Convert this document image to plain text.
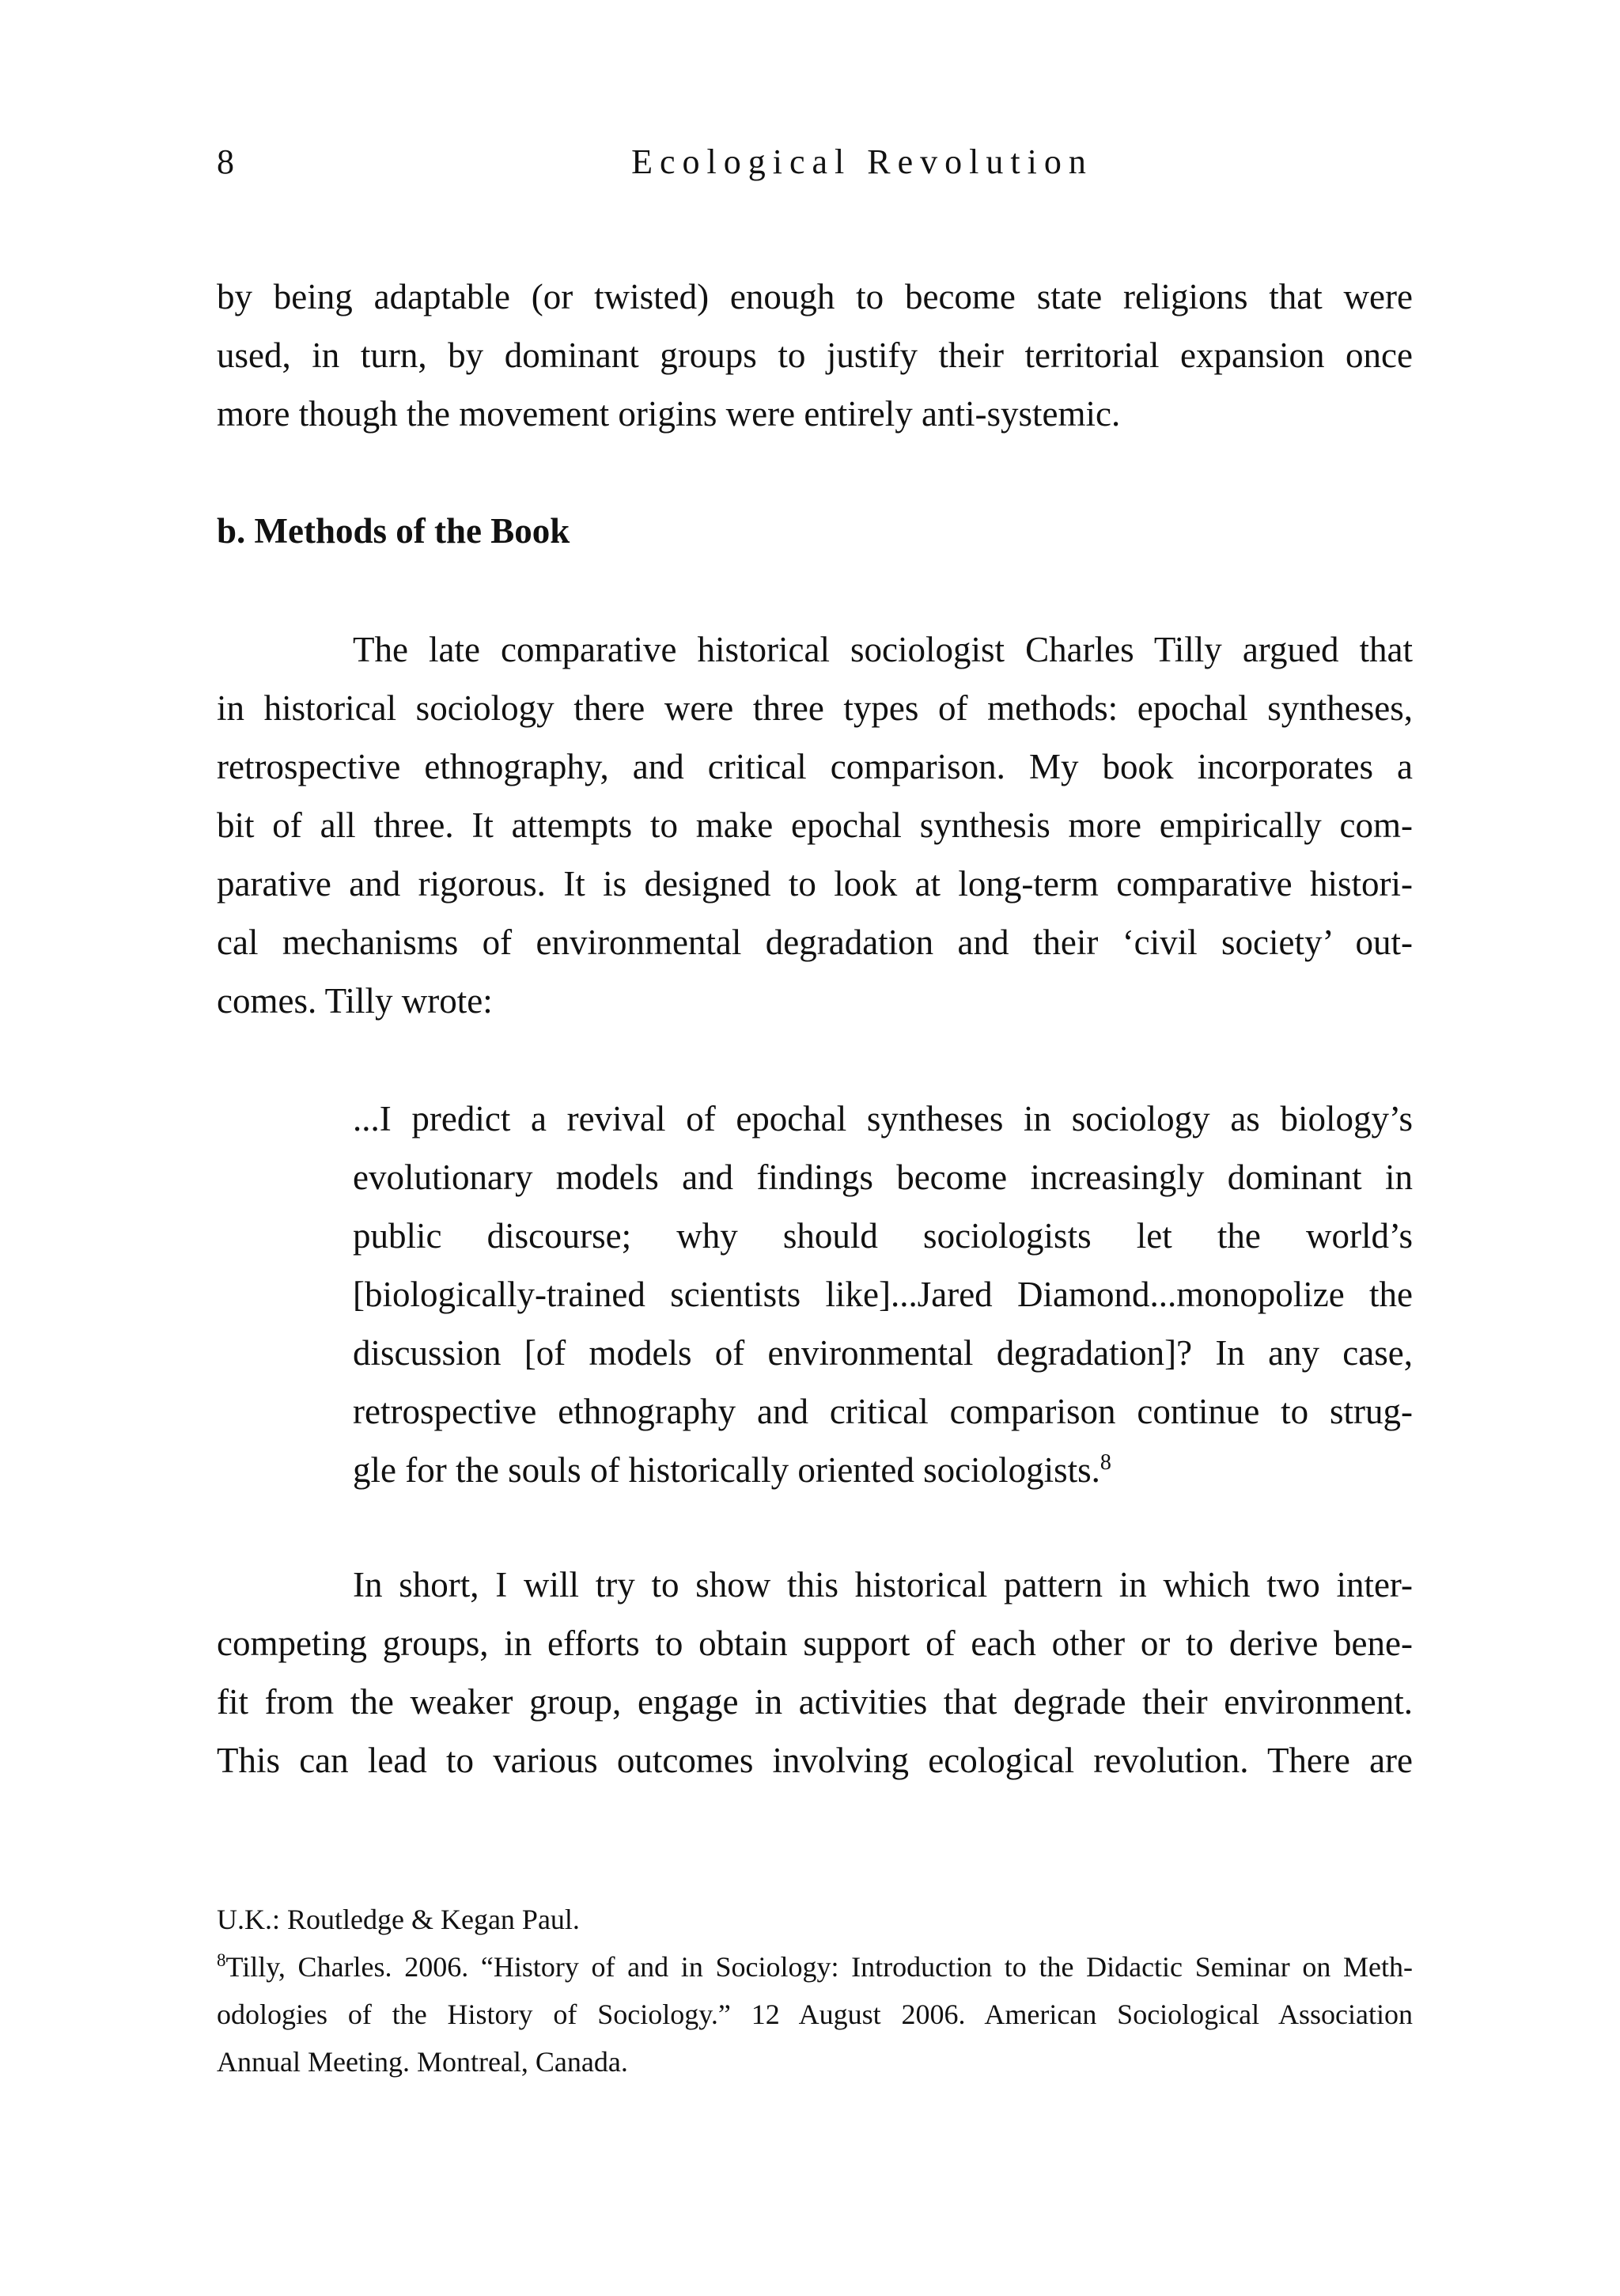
8	Ecological Revolution
by being adaptable (or twisted) enough to become state religions that were
used, in turn, by dominant groups to justify their territorial expansion once
more though the movement origins were entirely anti-systemic.
b. Methods of the Book
The late comparative historical sociologist Charles Tilly argued that
in historical sociology there were three types of methods: epochal syntheses,
retrospective ethnography, and critical comparison. My book incorporates a
bit of all three. It attempts to make epochal synthesis more empirically com-
parative and rigorous. It is designed to look at long-term comparative histori-
cal mechanisms of environmental degradation and their ‘civil society’ out-
comes. Tilly wrote:
...I predict a revival of epochal syntheses in sociology as biology’s
evolutionary models and findings become increasingly dominant in
public discourse; why should sociologists let the world’s
[biologically-trained scientists like]...Jared Diamond...monopolize the
discussion [of models of environmental degradation]? In any case,
retrospective ethnography and critical comparison continue to strug-
gle for the souls of historically oriented sociologists.$^8$
In short, I will try to show this historical pattern in which two inter-
competing groups, in efforts to obtain support of each other or to derive bene-
fit from the weaker group, engage in activities that degrade their environment.
This can lead to various outcomes involving ecological revolution. There are
U.K.: Routledge & Kegan Paul.
$^8$Tilly, Charles. 2006. “History of and in Sociology: Introduction to the Didactic Seminar on Meth-
odologies of the History of Sociology.” 12 August 2006. American Sociological Association
Annual Meeting. Montreal, Canada.
